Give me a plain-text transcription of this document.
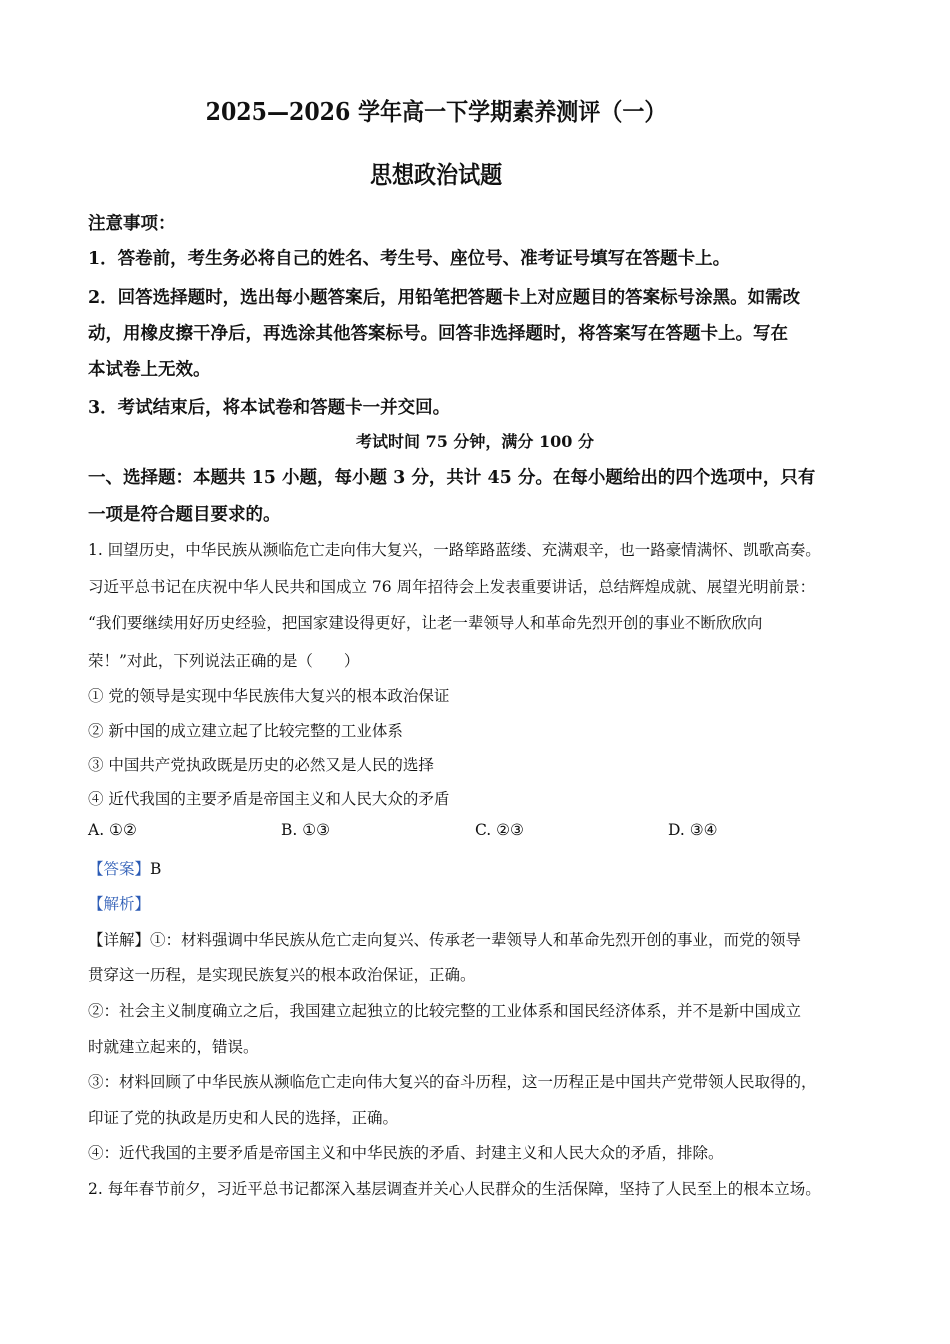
2025—2026 学年高一下学期素养测评（一）
思想政治试题
注意事项：
1．答卷前，考生务必将自己的姓名、考生号、座位号、准考证号填写在答题卡上。
2．回答选择题时，选出每小题答案后，用铅笔把答题卡上对应题目的答案标号涂黑。如需改
动，用橡皮擦干净后，再选涂其他答案标号。回答非选择题时，将答案写在答题卡上。写在
本试卷上无效。
3．考试结束后，将本试卷和答题卡一并交回。
考试时间 75 分钟，满分 100 分
一、选择题：本题共 15 小题，每小题 3 分，共计 45 分。在每小题给出的四个选项中，只有
一项是符合题目要求的。
1. 回望历史，中华民族从濒临危亡走向伟大复兴，一路筚路蓝缕、充满艰辛，也一路豪情满怀、凯歌高奏。
习近平总书记在庆祝中华人民共和国成立 76 周年招待会上发表重要讲话，总结辉煌成就、展望光明前景：
“我们要继续用好历史经验，把国家建设得更好，让老一辈领导人和革命先烈开创的事业不断欣欣向
荣！”对此，下列说法正确的是（　　）
① 党的领导是实现中华民族伟大复兴的根本政治保证
② 新中国的成立建立起了比较完整的工业体系
③ 中国共产党执政既是历史的必然又是人民的选择
④ 近代我国的主要矛盾是帝国主义和人民大众的矛盾
A. ①②	B. ①③	C. ②③	D. ③④
【答案】B
【解析】
【详解】①：材料强调中华民族从危亡走向复兴、传承老一辈领导人和革命先烈开创的事业，而党的领导
贯穿这一历程，是实现民族复兴的根本政治保证，正确。
②：社会主义制度确立之后，我国建立起独立的比较完整的工业体系和国民经济体系，并不是新中国成立
时就建立起来的，错误。
③：材料回顾了中华民族从濒临危亡走向伟大复兴的奋斗历程，这一历程正是中国共产党带领人民取得的，
印证了党的执政是历史和人民的选择，正确。
④：近代我国的主要矛盾是帝国主义和中华民族的矛盾、封建主义和人民大众的矛盾，排除。
2. 每年春节前夕，习近平总书记都深入基层调查并关心人民群众的生活保障，坚持了人民至上的根本立场。
